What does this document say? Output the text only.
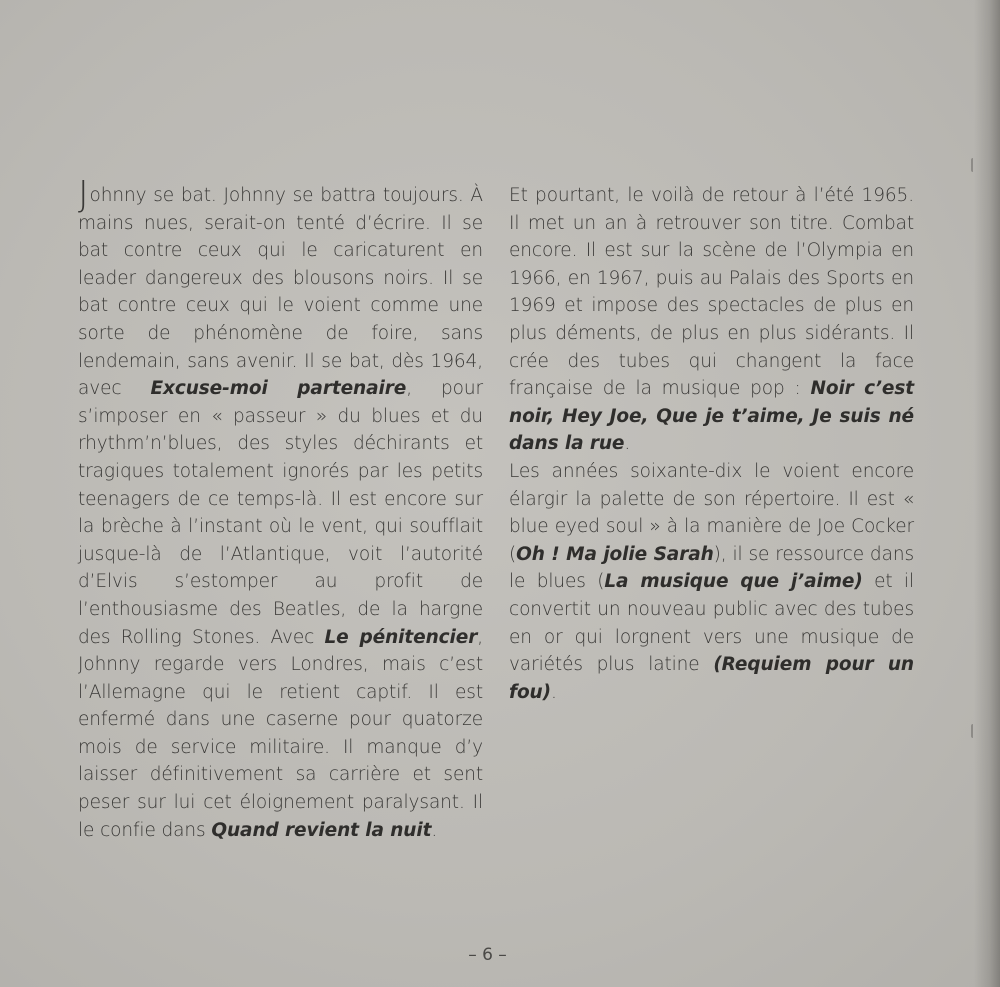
Johnny se bat. Johnny se battra toujours. À mains nues, serait-on tenté d’écrire. Il se bat contre ceux qui le caricaturent en leader dangereux des blousons noirs. Il se bat contre ceux qui le voient comme une sorte de phénomène de foire, sans lendemain, sans avenir. Il se bat, dès 1964, avec Excuse-moi partenaire, pour s’imposer en « passeur » du blues et du rhythm’n’blues, des styles déchirants et tragiques totalement ignorés par les petits teenagers de ce temps-là. Il est encore sur la brèche à l’instant où le vent, qui soufflait jusque-là de l’Atlantique, voit l’autorité d’Elvis s’estomper au profit de l’enthousiasme des Beatles, de la hargne des Rolling Stones. Avec Le pénitencier, Johnny regarde vers Londres, mais c’est l’Allemagne qui le retient captif. Il est enfermé dans une caserne pour quatorze mois de service militaire. Il manque d’y laisser définitivement sa carrière et sent peser sur lui cet éloignement paralysant. Il le confie dans Quand revient la nuit.

Et pourtant, le voilà de retour à l’été 1965. Il met un an à retrouver son titre. Combat encore. Il est sur la scène de l’Olympia en 1966, en 1967, puis au Palais des Sports en 1969 et impose des spectacles de plus en plus déments, de plus en plus sidérants. Il crée des tubes qui changent la face française de la musique pop : Noir c’est noir, Hey Joe, Que je t’aime, Je suis né dans la rue.

Les années soixante-dix le voient encore élargir la palette de son répertoire. Il est « blue eyed soul » à la manière de Joe Cocker (Oh ! Ma jolie Sarah), il se ressource dans le blues (La musique que j’aime) et il convertit un nouveau public avec des tubes en or qui lorgnent vers une musique de variétés plus latine (Requiem pour un fou).

– 6 –
